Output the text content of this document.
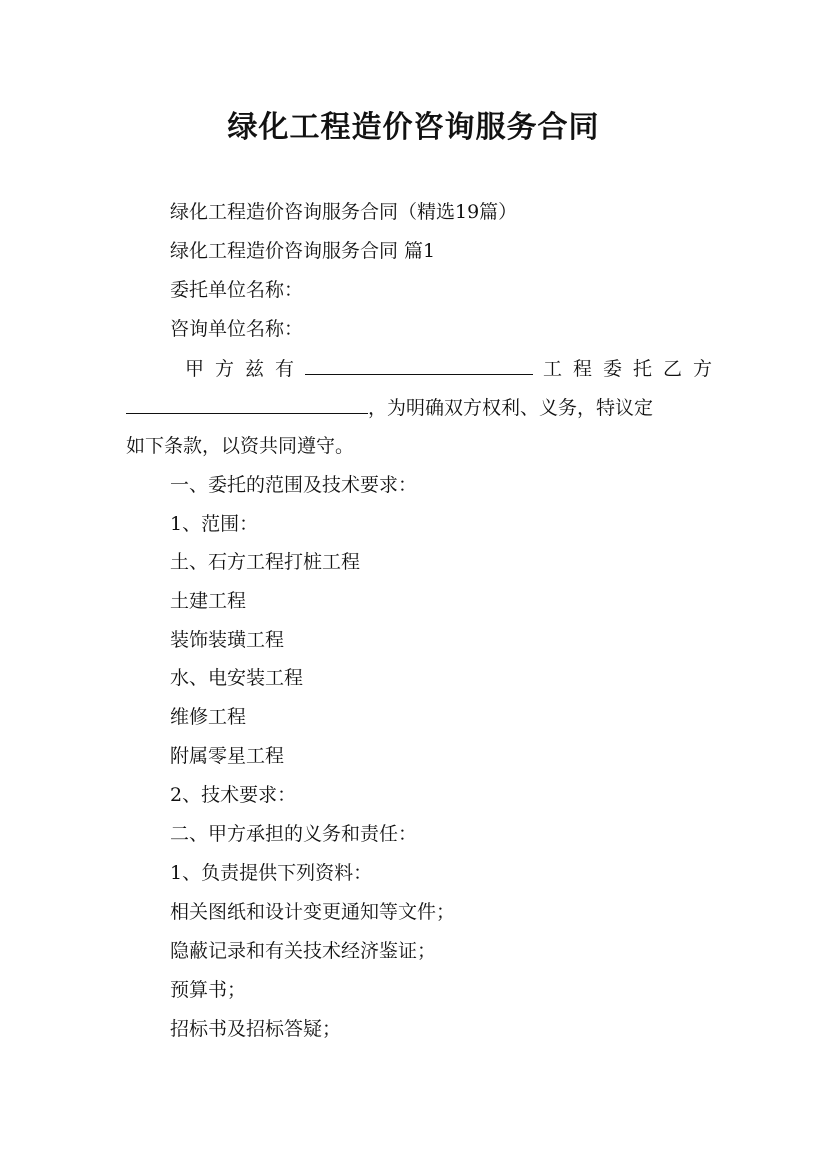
绿化工程造价咨询服务合同
绿化工程造价咨询服务合同（精选19篇）
绿化工程造价咨询服务合同 篇1
委托单位名称：
咨询单位名称：
甲方兹有	工程委托乙方
，为明确双方权利、义务，特议定
如下条款，以资共同遵守。
一、委托的范围及技术要求：
1、范围：
土、石方工程打桩工程
土建工程
装饰装璜工程
水、电安装工程
维修工程
附属零星工程
2、技术要求：
二、甲方承担的义务和责任：
1、负责提供下列资料：
相关图纸和设计变更通知等文件；
隐蔽记录和有关技术经济鉴证；
预算书；
招标书及招标答疑；
